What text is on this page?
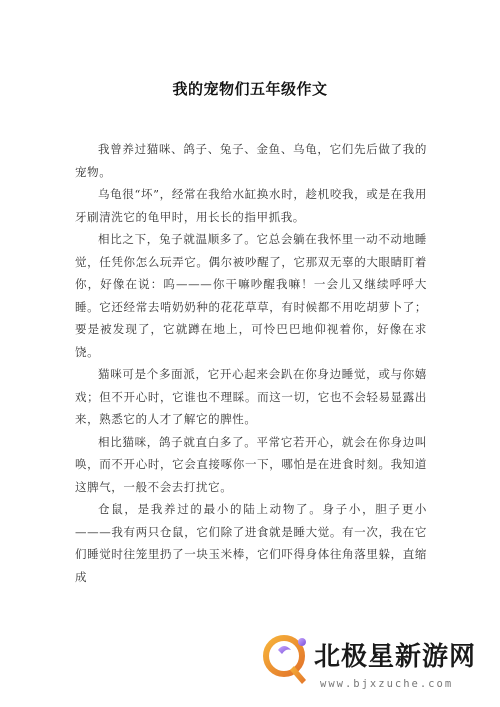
我的宠物们五年级作文

我曾养过猫咪、鸽子、兔子、金鱼、乌龟，它们先后做了我的宠物。

乌龟很“坏”，经常在我给水缸换水时，趁机咬我，或是在我用牙刷清洗它的龟甲时，用长长的指甲抓我。

相比之下，兔子就温顺多了。它总会躺在我怀里一动不动地睡觉，任凭你怎么玩弄它。偶尔被吵醒了，它那双无辜的大眼睛盯着你，好像在说：呜———你干嘛吵醒我嘛！一会儿又继续呼呼大睡。它还经常去啃奶奶种的花花草草，有时候都不用吃胡萝卜了；要是被发现了，它就蹲在地上，可怜巴巴地仰视着你，好像在求饶。

猫咪可是个多面派，它开心起来会趴在你身边睡觉，或与你嬉戏；但不开心时，它谁也不理睬。而这一切，它也不会轻易显露出来，熟悉它的人才了解它的脾性。

相比猫咪，鸽子就直白多了。平常它若开心，就会在你身边叫唤，而不开心时，它会直接啄你一下，哪怕是在进食时刻。我知道这脾气，一般不会去打扰它。

仓鼠，是我养过的最小的陆上动物了。身子小，胆子更小———我有两只仓鼠，它们除了进食就是睡大觉。有一次，我在它们睡觉时往笼里扔了一块玉米棒，它们吓得身体往角落里躲，直缩成

北极星新游网
www.bjxzuche.com
